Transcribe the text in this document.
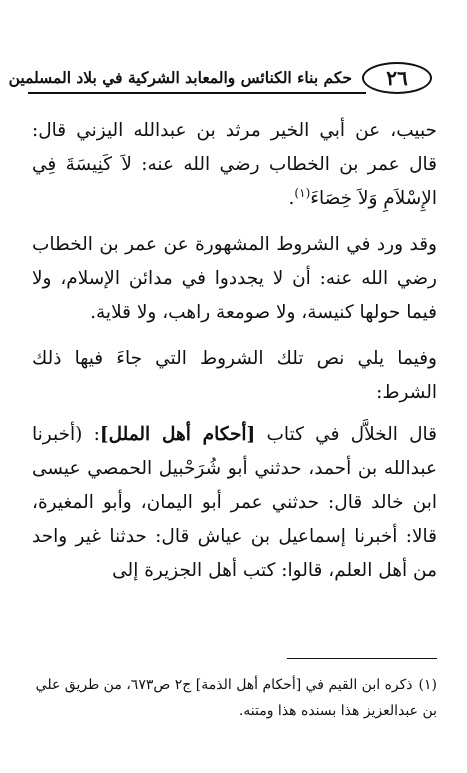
٢٦
حكم بناء الكنائس والمعابد الشركية في بلاد المسلمين

حبيب، عن أبي الخير مرثد بن عبدالله اليزني قال: قال عمر بن الخطاب رضي الله عنه: لاَ كَنِيسَةَ فِي الإِسْلاَمِ وَلاَ خِصَاءَ$^{(١)}$.

وقد ورد في الشروط المشهورة عن عمر بن الخطاب رضي الله عنه: أن لا يجددوا في مدائن الإسلام، ولا فيما حولها كنيسة، ولا صومعة راهب، ولا قلاية.

وفيما يلي نص تلك الشروط التي جاءَ فيها ذلك الشرط:

قال الخلاَّل في كتاب [أحكام أهل الملل]: (أخبرنا عبدالله بن أحمد، حدثني أبو شُرَحْبيل الحمصي عيسى ابن خالد قال: حدثني عمر أبو اليمان، وأبو المغيرة، قالا: أخبرنا إسماعيل بن عياش قال: حدثنا غير واحد من أهل العلم، قالوا: كتب أهل الجزيرة إلى

(١)ذكره ابن القيم في [أحكام أهل الذمة] ج٢ ص٦٧٣، من طريق علي بن عبدالعزيز هذا بسنده هذا ومتنه.
